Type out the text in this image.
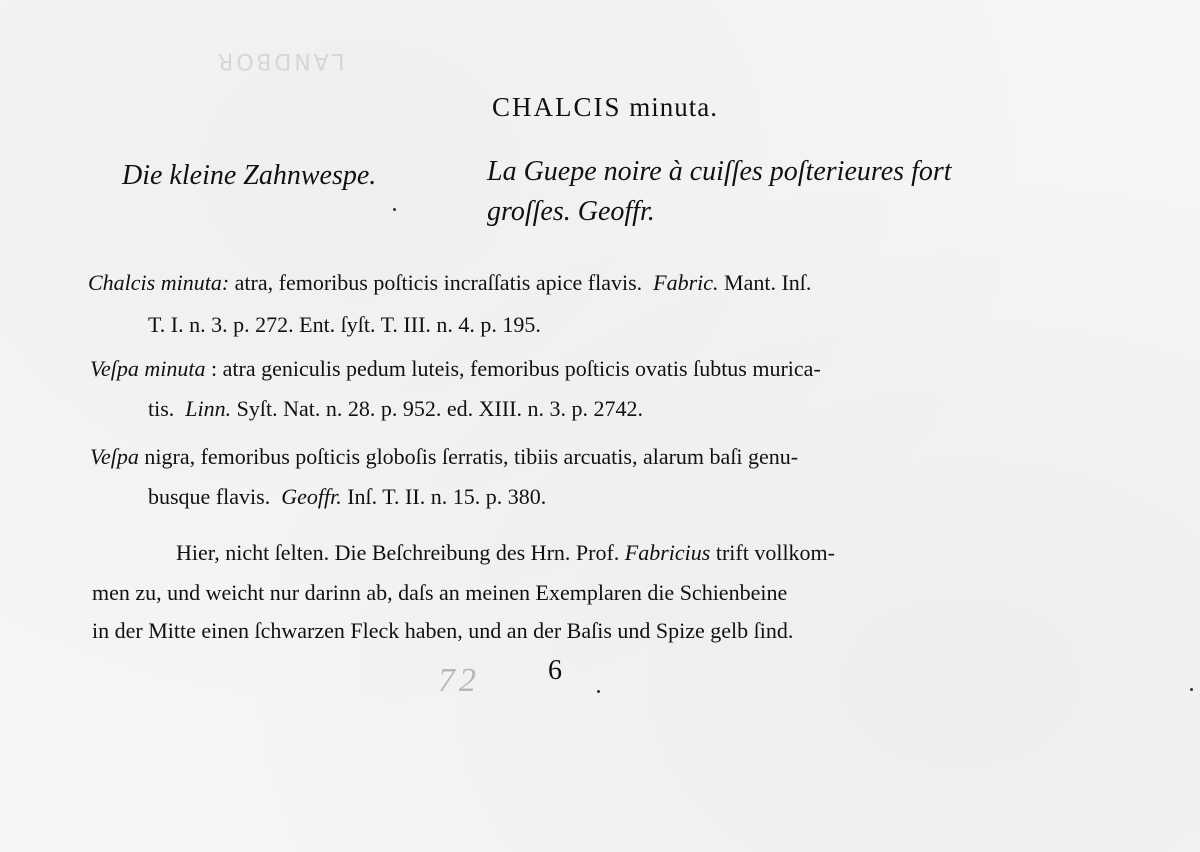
LANDBOR
CHALCIS minuta.
Die kleine Zahnwespe.	La Guepe noire à cuiſſes poſterieures fort
groſſes. Geoffr.
Chalcis minuta: atra, femoribus poſticis incraſſatis apice flavis. Fabric. Mant. Inſ.
T. I. n. 3. p. 272. Ent. ſyſt. T. III. n. 4. p. 195.
Veſpa minuta : atra geniculis pedum luteis, femoribus poſticis ovatis ſubtus murica-
tis. Linn. Syſt. Nat. n. 28. p. 952. ed. XIII. n. 3. p. 2742.
Veſpa nigra, femoribus poſticis globoſis ſerratis, tibiis arcuatis, alarum baſi genu-
busque flavis. Geoffr. Inſ. T. II. n. 15. p. 380.
Hier, nicht ſelten. Die Beſchreibung des Hrn. Prof. Fabricius trift vollkom-
men zu, und weicht nur darinn ab, daſs an meinen Exemplaren die Schienbeine
in der Mitte einen ſchwarzen Fleck haben, und an der Baſis und Spize gelb ſind.
72 6
